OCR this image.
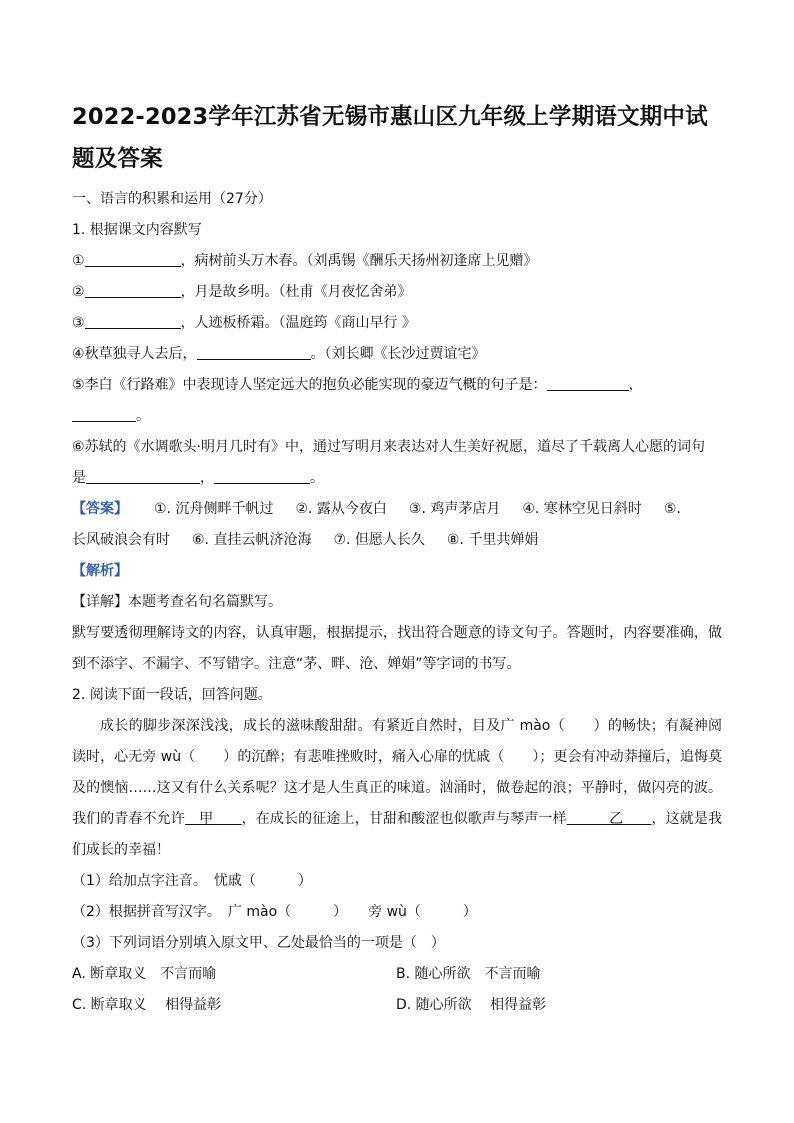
2022-2023学年江苏省无锡市惠山区九年级上学期语文期中试题及答案
一、语言的积累和运用（27分）
1. 根据课文内容默写
①	，病树前头万木春。（刘禹锡《酬乐天扬州初逢席上见赠》
②	，月是故乡明。（杜甫《月夜忆舍弟》
③	，人迹板桥霜。（温庭筠《商山早行 》
④秋草独寻人去后，	。（刘长卿《长沙过贾谊宅》
⑤李白《行路难》中表现诗人坚定远大的抱负必能实现的豪迈气概的句子是：	，
。
⑥苏轼的《水调歌头·明月几时有》中，通过写明月来表达对人生美好祝愿，道尽了千载离人心愿的词句
是	，	。
【答案】 ①. 沉舟侧畔千帆过 ②. 露从今夜白 ③. 鸡声茅店月 ④. 寒林空见日斜时 ⑤.
长风破浪会有时 ⑥. 直挂云帆济沧海 ⑦. 但愿人长久 ⑧. 千里共婵娟
【解析】
【详解】本题考查名句名篇默写。
默写要透彻理解诗文的内容，认真审题，根据提示，找出符合题意的诗文句子。答题时，内容要准确，做到不添字、不漏字、不写错字。注意“茅、畔、沧、婵娟”等字词的书写。
2. 阅读下面一段话，回答问题。
成长的脚步深深浅浅，成长的滋味酸甜甜。有紧近自然时，目及广 mào（　　）的畅快；有凝神阅读时，心无旁 wù（　　）的沉醉；有悲唯挫败时，痛入心扉的忧戚（　　）；更会有冲动莽撞后，追悔莫及的懊恼……这又有什么关系呢？这才是人生真正的味道。汹涌时，做卷起的浪；平静时，做闪亮的波。我们的青春不允许＿甲＿＿，在成长的征途上，甘甜和酸涩也似歌声与琴声一样＿＿＿乙＿＿，这就是我们成长的幸福！
（1）给加点字注音。　忧戚（　　　）
（2）根据拼音写汉字。　广 mào（　　　）　　旁 wù（　　　）
（3）下列词语分别填入原文甲、乙处最恰当的一项是（　）
A. 断章取义　不言而喻	B. 随心所欲　不言而喻
C. 断章取义　 相得益彰	D. 随心所欲　 相得益彰
